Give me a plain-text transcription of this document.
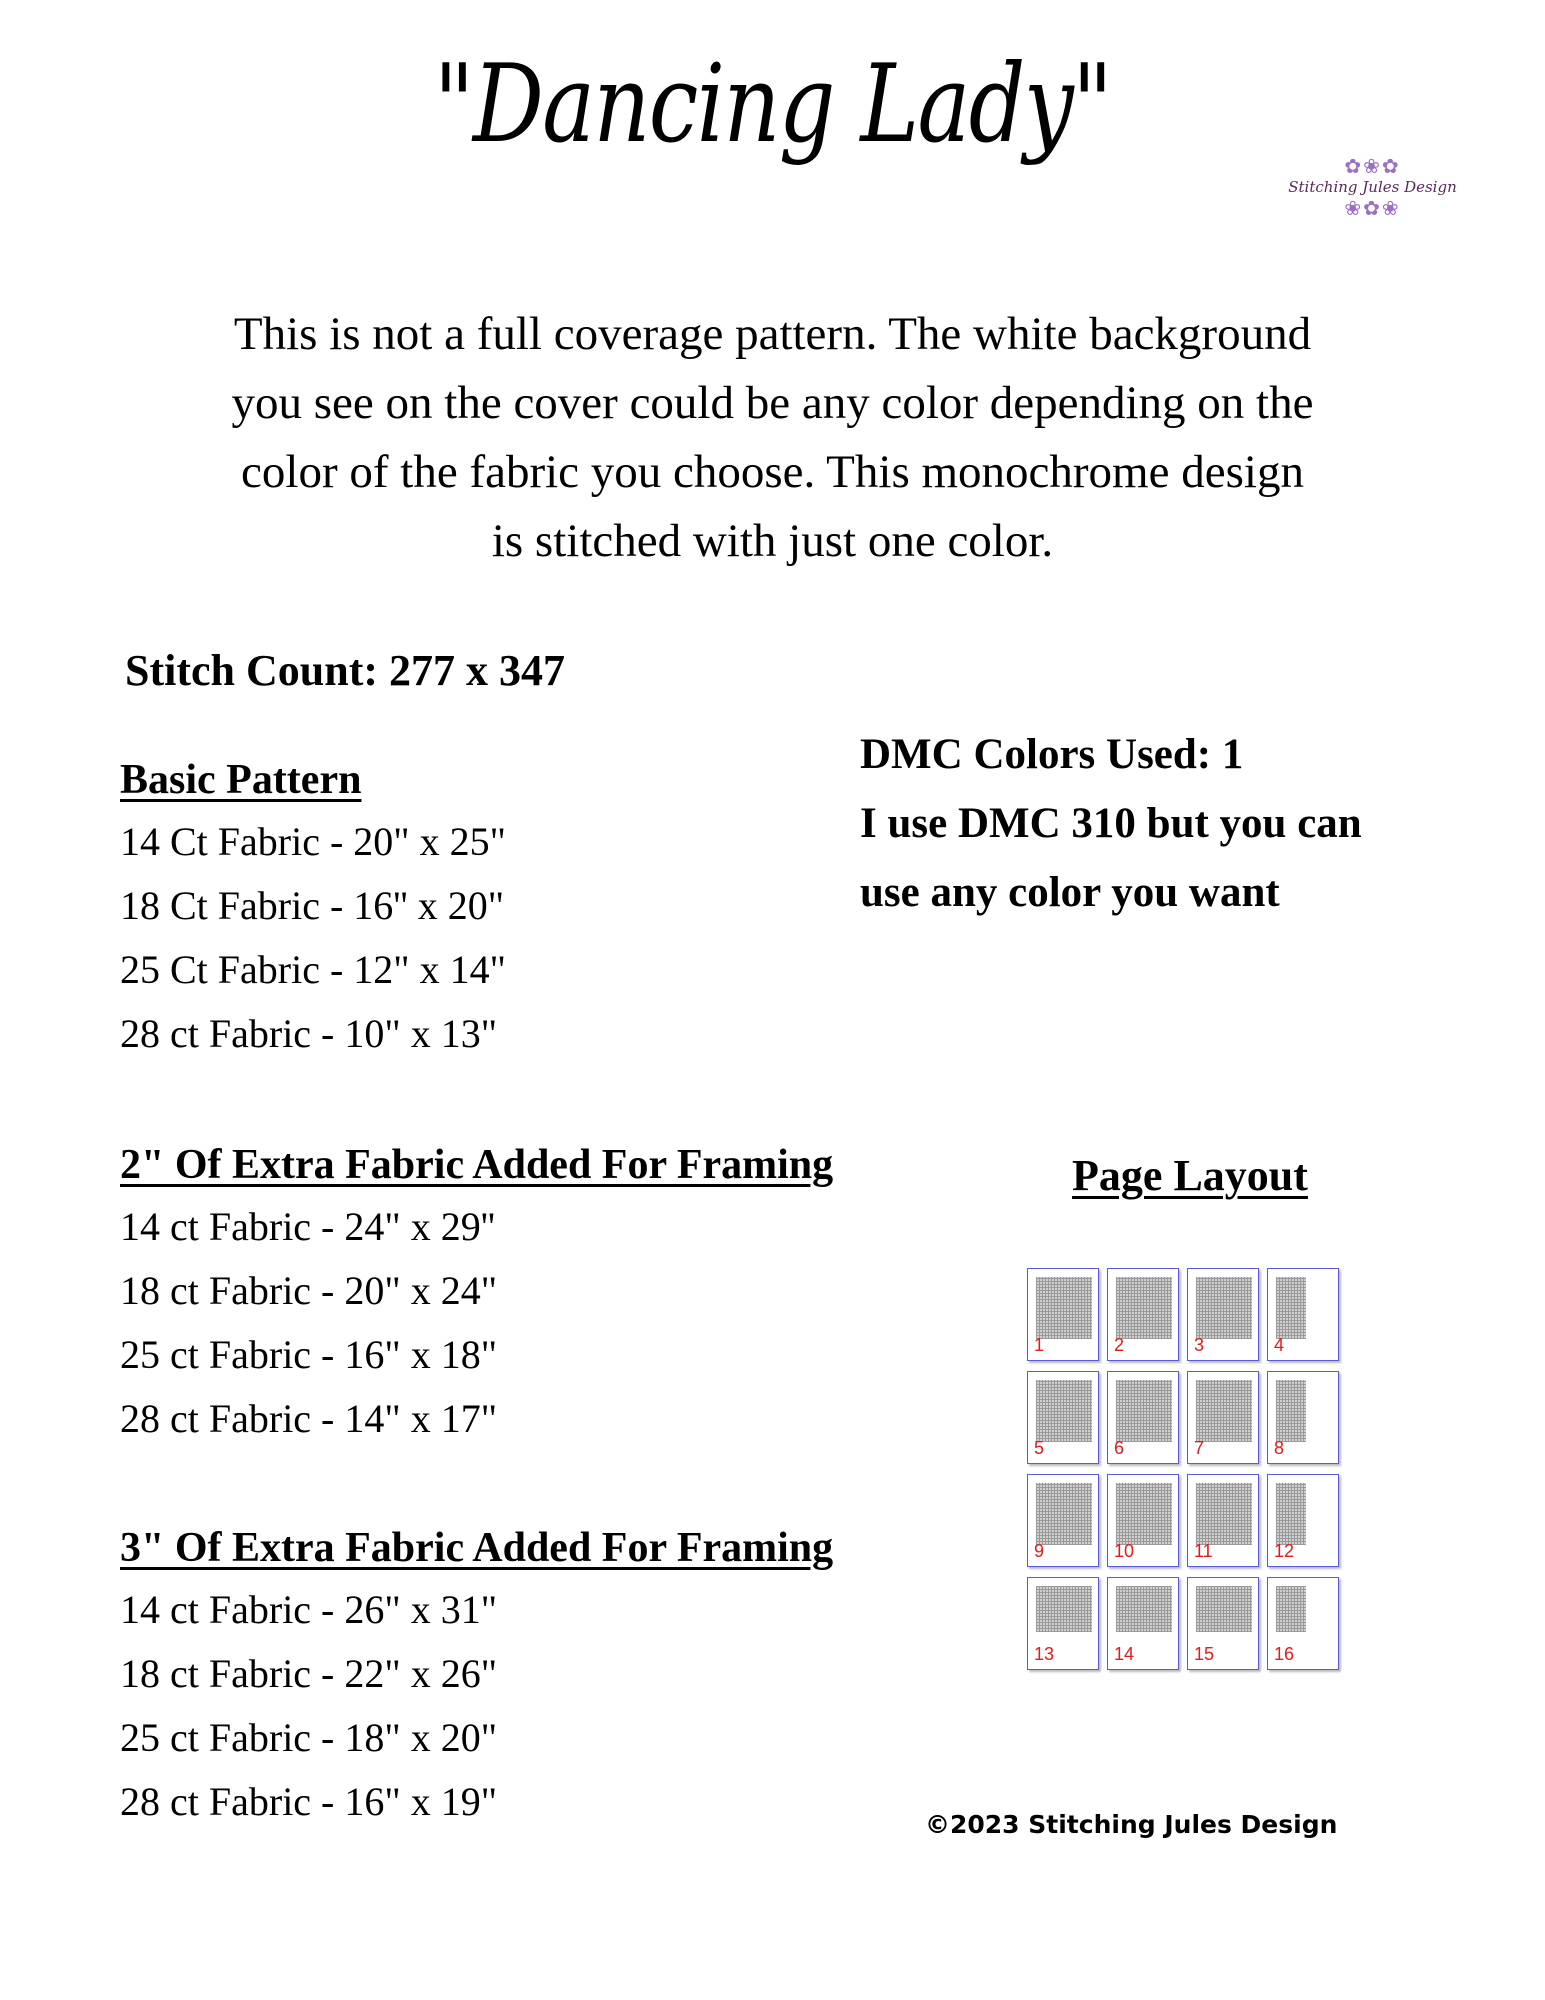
"Dancing Lady"	✿❀✿
Stitching Jules Design
❀✿❀
This is not a full coverage pattern. The white background
you see on the cover could be any color depending on the
color of the fabric you choose. This monochrome design
is stitched with just one color.
Stitch Count: 277 x 347
Basic Pattern
14 Ct Fabric - 20" x 25"
18 Ct Fabric - 16'' x 20"
25 Ct Fabric - 12" x 14"
28 ct Fabric - 10" x 13"
2" Of Extra Fabric Added For Framing
14 ct Fabric - 24" x 29''
18 ct Fabric - 20" x 24"
25 ct Fabric - 16" x 18"
28 ct Fabric - 14" x 17"
3" Of Extra Fabric Added For Framing
14 ct Fabric - 26" x 31"
18 ct Fabric - 22" x 26"
25 ct Fabric - 18" x 20"
28 ct Fabric - 16" x 19"
DMC Colors Used: 1
I use DMC 310 but you can
use any color you want
Page Layout
1	2	3	4
5	6	7	8
9	10	11	12
13	14	15	16
©2023 Stitching Jules Design
